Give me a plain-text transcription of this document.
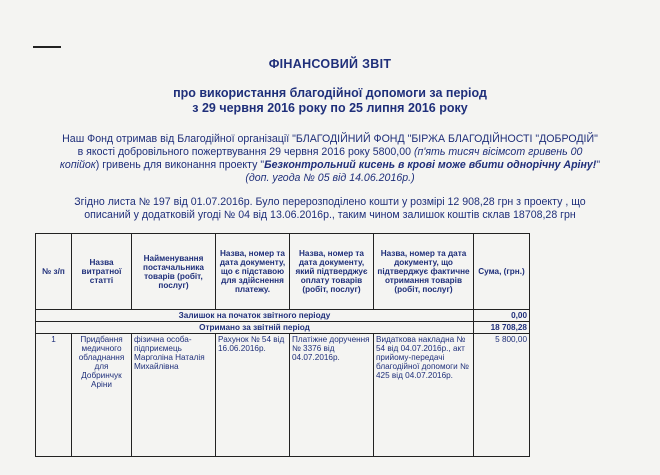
ФІНАНСОВИЙ ЗВІТ
про використання благодійної допомоги за період
з 29 червня 2016 року по 25 липня 2016 року
Наш Фонд отримав від Благодійної організації "БЛАГОДІЙНИЙ ФОНД "БІРЖА БЛАГОДІЙНОСТІ "ДОБРОДІЙ"
в якості добровільного пожертвування 29 червня 2016 року 5800,00 (п'ять тисяч вісімсот гривень 00
копійок) гривень для виконання проекту "Безконтрольний кисень в крові може вбити однорічну Аріну!"
(доп. угода № 05 від 14.06.2016р.)
Згідно листа № 197 від 01.07.2016р. Було перерозподілено кошти у розмірі 12 908,28 грн з проекту , що
описаний у додатковій угоді № 04 від 13.06.2016р., таким чином залишок коштів склав 18708,28 грн
№ з/п	Назва витратної статті	Найменування постачальника товарів (робіт, послуг)	Назва, номер та дата документу, що є підставою для здійснення платежу.	Назва, номер та дата документу, який підтверджує оплату товарів (робіт, послуг)	Назва, номер та дата документу, що підтверджує фактичне отримання товарів (робіт, послуг)	Сума, (грн.)
Залишок на початок звітного періоду						0,00
Отримано за звітній період						18 708,28
1	Придбання медичного обладнання для Добринчук Аріни	фізична особа-підприємець Марголіна Наталія Михайлівна	Рахунок № 54 від 16.06.2016р.	Платіжне доручення № 3376 від 04.07.2016р.	Видаткова накладна № 54 від 04.07.2016р., акт прийому-передачі благодійної допомоги № 425 від 04.07.2016р.	5 800,00
